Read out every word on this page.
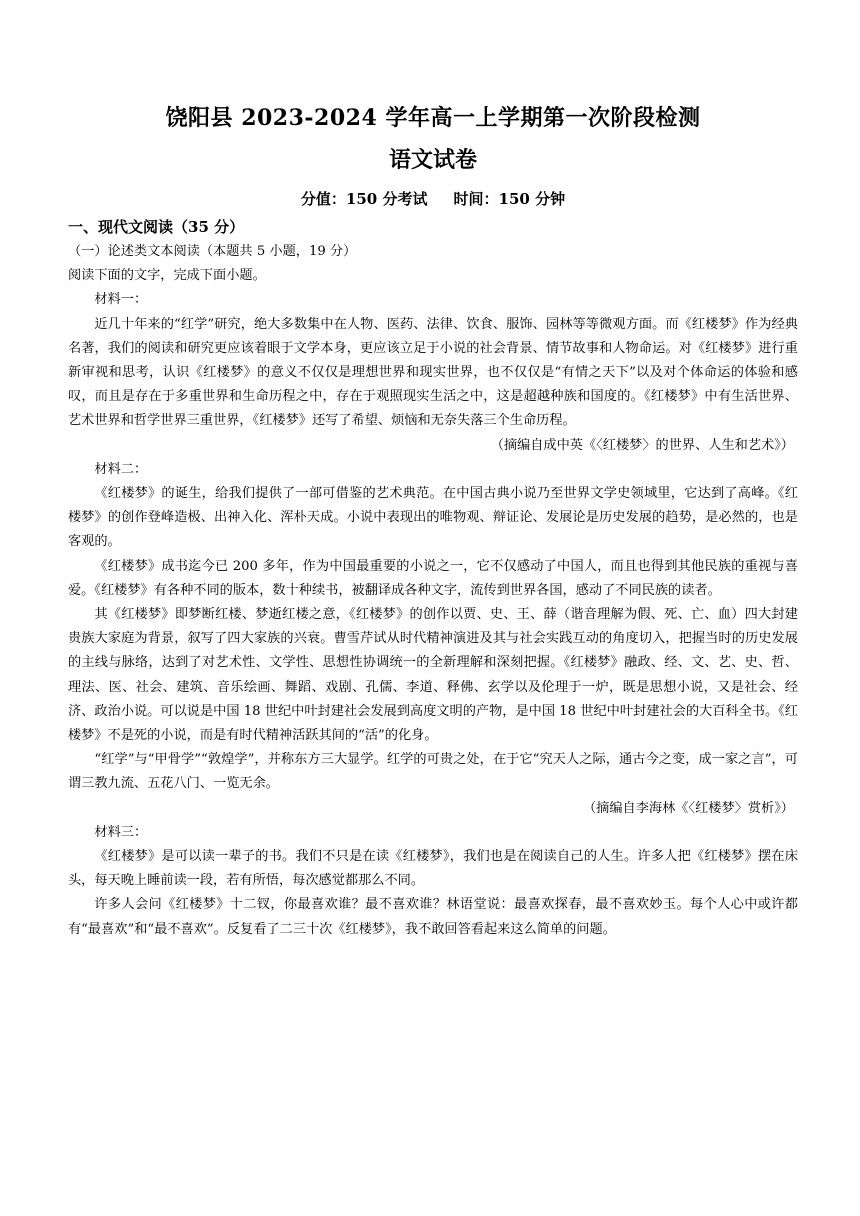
饶阳县 2023-2024 学年高一上学期第一次阶段检测
语文试卷
分值：150 分考试     时间：150 分钟
一、现代文阅读（35 分）
（一）论述类文本阅读（本题共 5 小题，19 分）
阅读下面的文字，完成下面小题。
材料一：
近几十年来的“红学”研究，绝大多数集中在人物、医药、法律、饮食、服饰、园林等等微观方面。而《红楼梦》作为经典名著，我们的阅读和研究更应该着眼于文学本身，更应该立足于小说的社会背景、情节故事和人物命运。对《红楼梦》进行重新审视和思考，认识《红楼梦》的意义不仅仅是理想世界和现实世界，也不仅仅是“有情之天下”以及对个体命运的体验和感叹，而且是存在于多重世界和生命历程之中，存在于观照现实生活之中，这是超越种族和国度的。《红楼梦》中有生活世界、艺术世界和哲学世界三重世界，《红楼梦》还写了希望、烦恼和无奈失落三个生命历程。
（摘编自成中英《〈红楼梦〉的世界、人生和艺术》）
材料二：
《红楼梦》的诞生，给我们提供了一部可借鉴的艺术典范。在中国古典小说乃至世界文学史领域里，它达到了高峰。《红楼梦》的创作登峰造极、出神入化、浑朴天成。小说中表现出的唯物观、辩证论、发展论是历史发展的趋势，是必然的，也是客观的。
《红楼梦》成书迄今已 200 多年，作为中国最重要的小说之一，它不仅感动了中国人，而且也得到其他民族的重视与喜爱。《红楼梦》有各种不同的版本，数十种续书，被翻译成各种文字，流传到世界各国，感动了不同民族的读者。
其《红楼梦》即梦断红楼、梦逝红楼之意，《红楼梦》的创作以贾、史、王、薛（谐音理解为假、死、亡、血）四大封建贵族大家庭为背景，叙写了四大家族的兴衰。曹雪芹试从时代精神演进及其与社会实践互动的角度切入，把握当时的历史发展的主线与脉络，达到了对艺术性、文学性、思想性协调统一的全新理解和深刻把握。《红楼梦》融政、经、文、艺、史、哲、理法、医、社会、建筑、音乐绘画、舞蹈、戏剧、孔儒、李道、释佛、玄学以及伦理于一炉，既是思想小说，又是社会、经济、政治小说。可以说是中国 18 世纪中叶封建社会发展到高度文明的产物，是中国 18 世纪中叶封建社会的大百科全书。《红楼梦》不是死的小说，而是有时代精神活跃其间的“活”的化身。
“红学”与“甲骨学”“敦煌学”，并称东方三大显学。红学的可贵之处，在于它“究天人之际，通古今之变，成一家之言”，可谓三教九流、五花八门、一览无余。
（摘编自李海林《〈红楼梦〉赏析》）
材料三：
《红楼梦》是可以读一辈子的书。我们不只是在读《红楼梦》，我们也是在阅读自己的人生。许多人把《红楼梦》摆在床头，每天晚上睡前读一段，若有所悟，每次感觉都那么不同。
许多人会问《红楼梦》十二钗，你最喜欢谁？最不喜欢谁？林语堂说：最喜欢探春，最不喜欢妙玉。每个人心中或许都有“最喜欢”和“最不喜欢”。反复看了二三十次《红楼梦》，我不敢回答看起来这么简单的问题。
